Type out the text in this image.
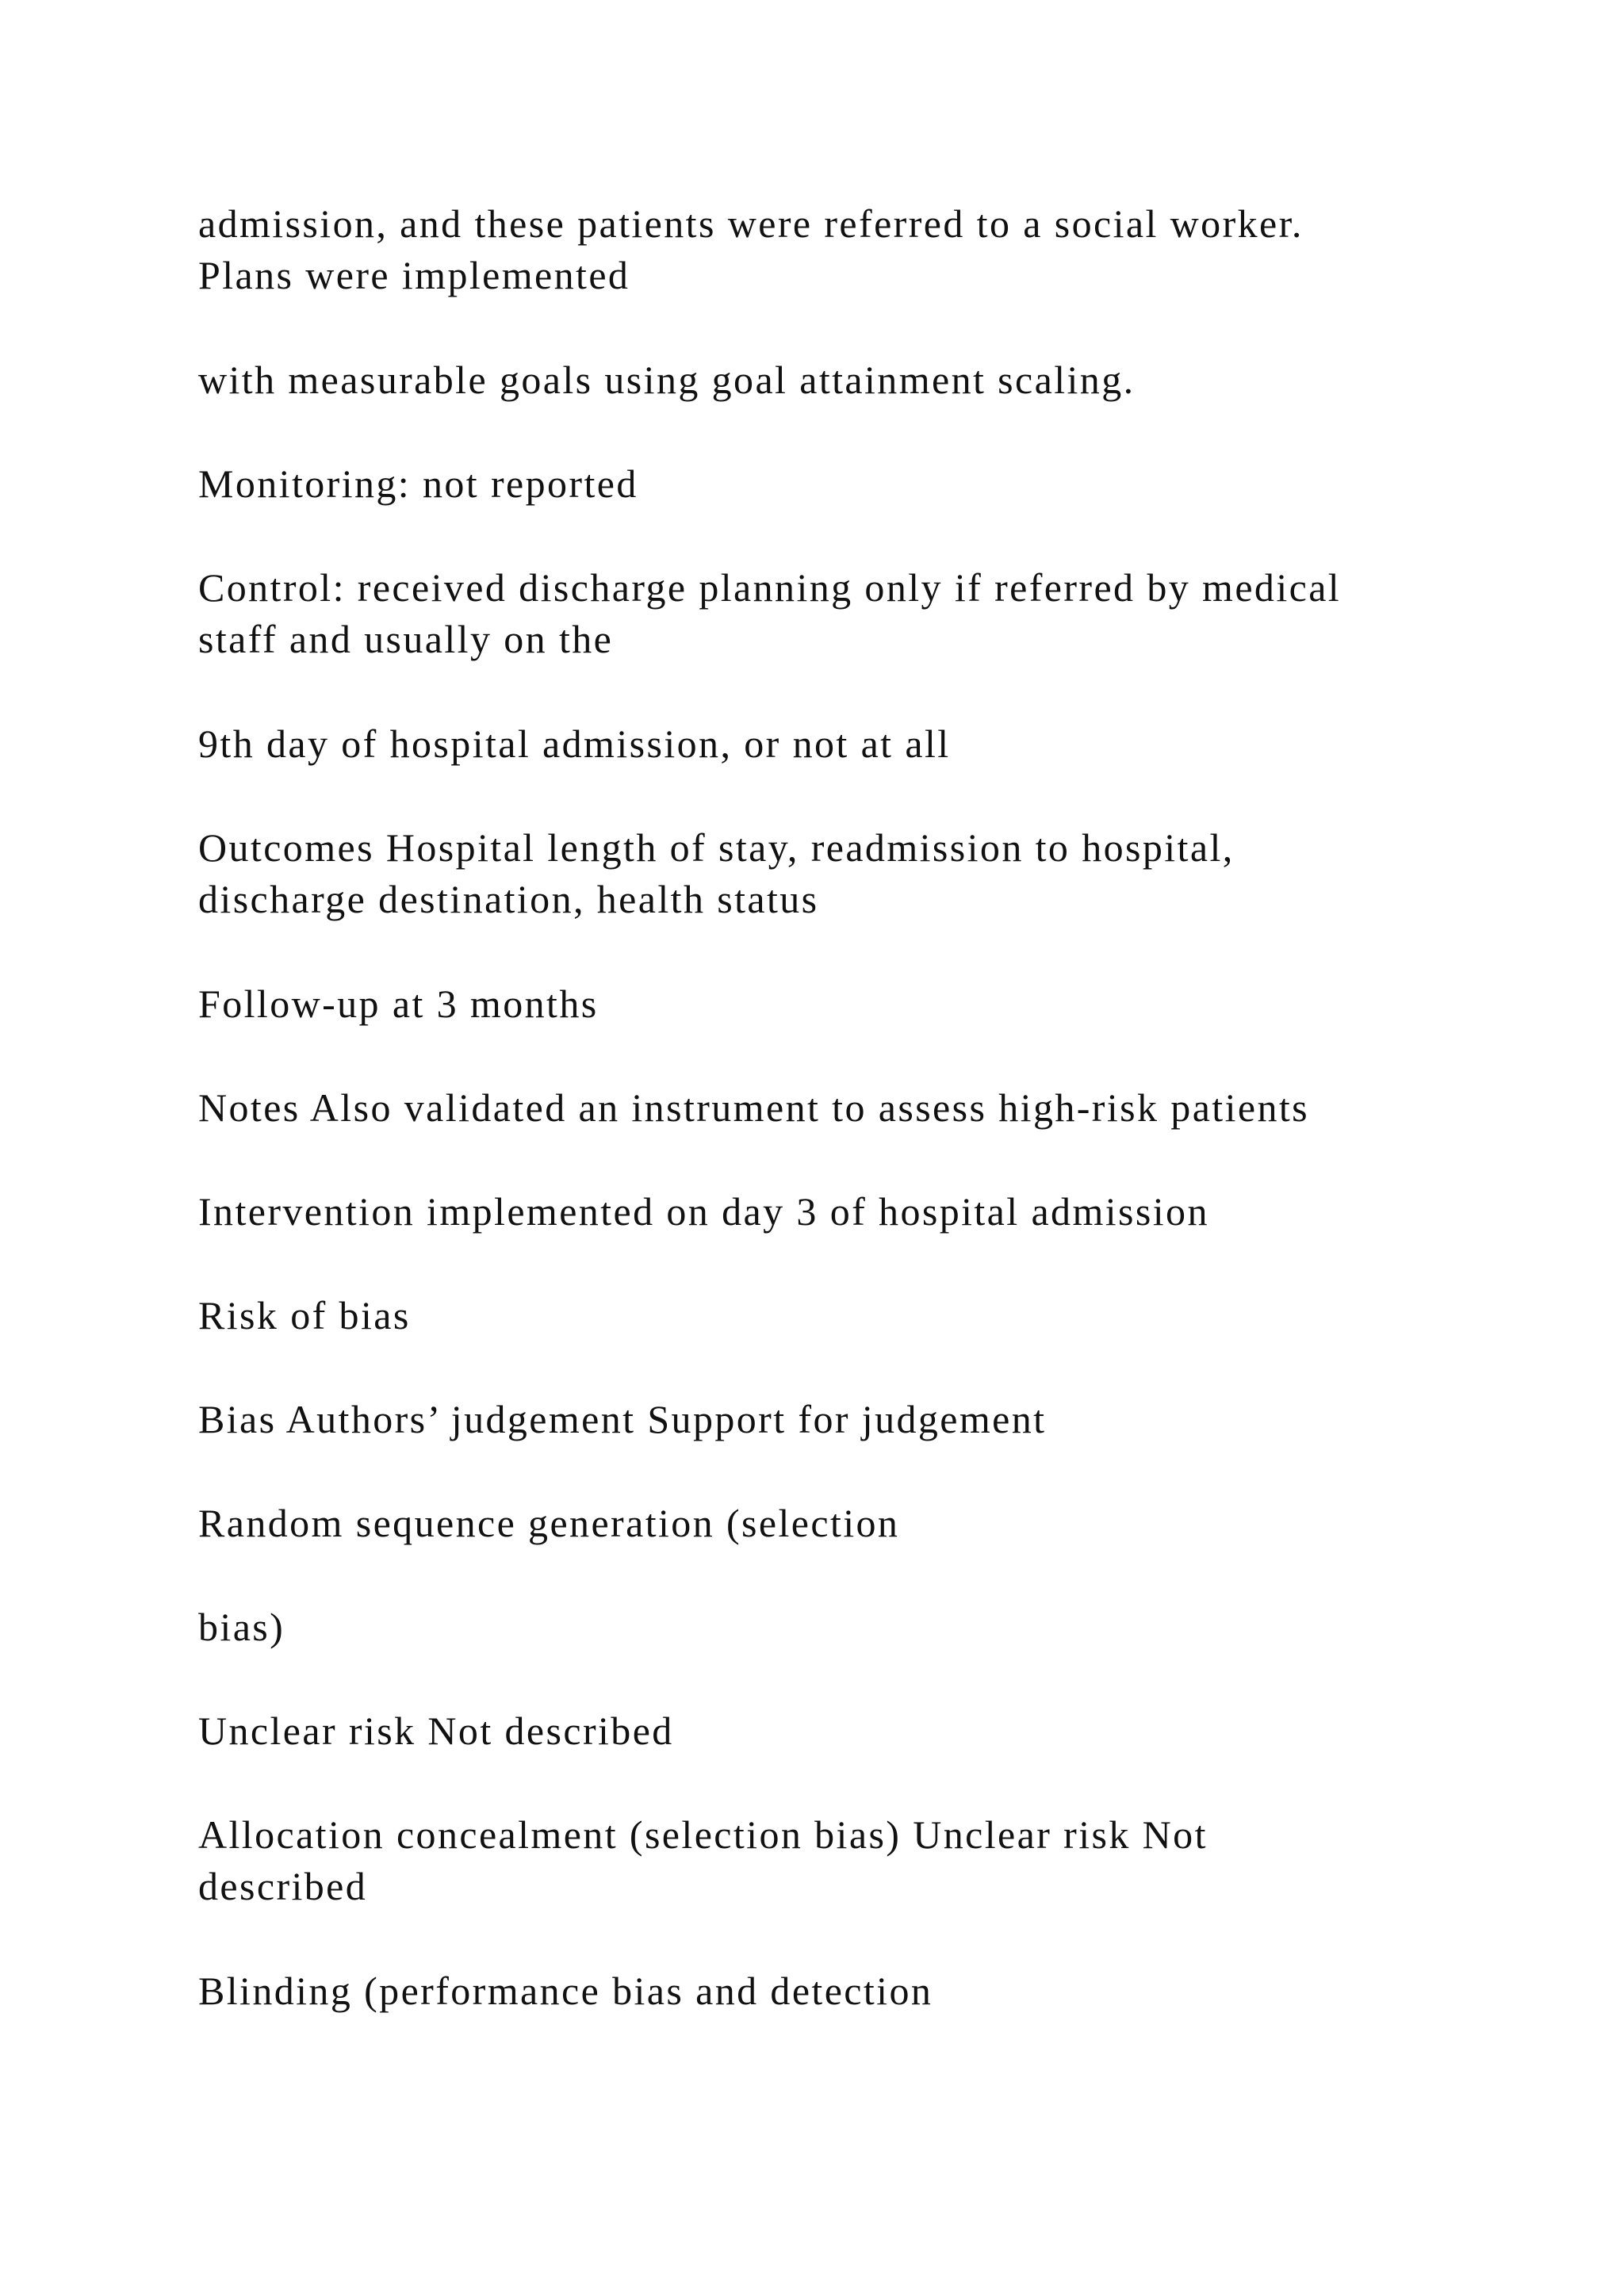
admission, and these patients were referred to a social worker.
Plans were implemented

with measurable goals using goal attainment scaling.

Monitoring: not reported

Control: received discharge planning only if referred by medical
staff and usually on the

9th day of hospital admission, or not at all

Outcomes Hospital length of stay, readmission to hospital,
discharge destination, health status

Follow-up at 3 months

Notes Also validated an instrument to assess high-risk patients

Intervention implemented on day 3 of hospital admission

Risk of bias

Bias Authors’ judgement Support for judgement

Random sequence generation (selection

bias)

Unclear risk Not described

Allocation concealment (selection bias) Unclear risk Not
described

Blinding (performance bias and detection
